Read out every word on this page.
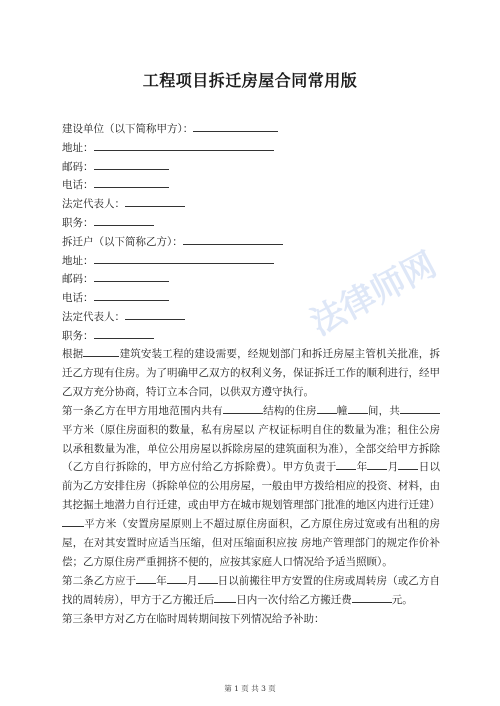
工程项目拆迁房屋合同常用版
建设单位（以下简称甲方）：
地址：
邮码：
电话：
法定代表人：
职务：
拆迁户（以下简称乙方）：
地址：
邮码：
电话：
法定代表人：
职务：	法律师网

根据	建筑安装工程的建设需要，经规划部门和拆迁房屋主管机关批准，拆迁乙方现有住房。为了明确甲乙双方的权利义务，保证拆迁工作的顺利进行，经甲乙双方充分协商，特订立本合同，以供双方遵守执行。

第一条乙方在甲方用地范围内共有	结构的住房 幢 间，共平方米（原住房面积的数量，私有房屋以 产权证标明自住的数量为准；租住公房以承租数量为准，单位公用房屋以拆除房屋的建筑面积为准），全部交给甲方拆除（乙方自行拆除的，甲方应付给乙方拆除费）。甲方负责于 年 月 日以前为乙方安排住房（拆除单位的公用房屋，一般由甲方拨给相应的投资、材料，由其挖掘土地潜力自行迁建，或由甲方在城市规划管理部门批准的地区内进行迁建）平方米（安置房屋原则上不超过原住房面积，乙方原住房过宽或有出租的房屋，在对其安置时应适当压缩，但对压缩面积应按 房地产管理部门的规定作价补偿；乙方原住房严重拥挤不便的，应按其家庭人口情况给予适当照顾）。

第二条乙方应于 年 月 日以前搬往甲方安置的住房或周转房（或乙方自找的周转房），甲方于乙方搬迁后 日内一次付给乙方搬迁费	元。

第三条甲方对乙方在临时周转期间按下列情况给予补助：

第 1 页 共 3 页
